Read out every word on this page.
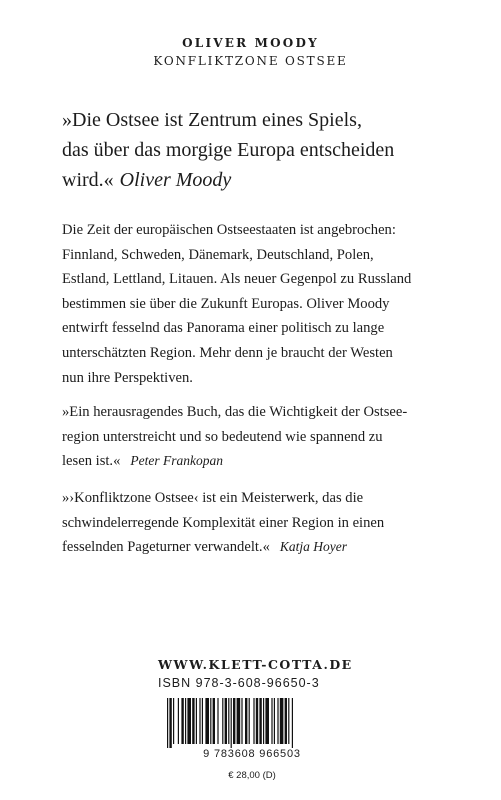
OLIVER MOODY
KONFLIKTZONE OSTSEE
»Die Ostsee ist Zentrum eines Spiels,
das über das morgige Europa entscheiden
wird.« Oliver Moody
Die Zeit der europäischen Ostseestaaten ist angebrochen:
Finnland, Schweden, Dänemark, Deutschland, Polen,
Estland, Lettland, Litauen. Als neuer Gegenpol zu Russland
bestimmen sie über die Zukunft Europas. Oliver Moody
entwirft fesselnd das Panorama einer politisch zu lange
unterschätzten Region. Mehr denn je braucht der Westen
nun ihre Perspektiven.
»Ein herausragendes Buch, das die Wichtigkeit der Ostsee-
region unterstreicht und so bedeutend wie spannend zu
lesen ist.« Peter Frankopan
»›Konfliktzone Ostsee‹ ist ein Meisterwerk, das die
schwindelerregende Komplexität einer Region in einen
fesselnden Pageturner verwandelt.« Katja Hoyer
WWW.KLETT-COTTA.DE
ISBN 978-3-608-96650-3
9 783608 966503
€ 28,00 (D)
